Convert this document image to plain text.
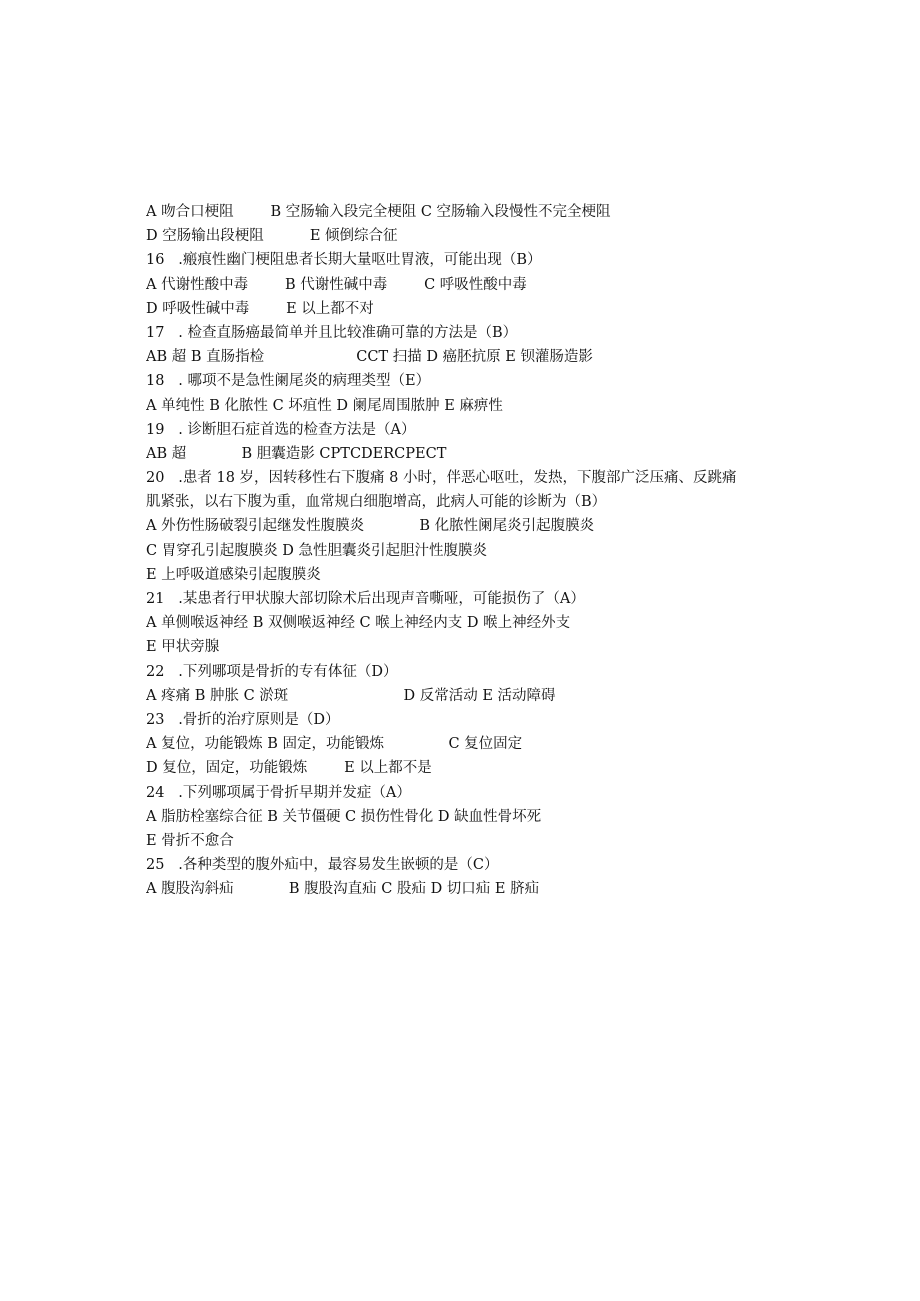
A 吻合口梗阻        B 空肠输入段完全梗阻 C 空肠输入段慢性不完全梗阻
D 空肠输出段梗阻          E 倾倒综合征
16   .瘢痕性幽门梗阻患者长期大量呕吐胃液，可能出现（B）
A 代谢性酸中毒        B 代谢性碱中毒        C 呼吸性酸中毒
D 呼吸性碱中毒        E 以上都不对
17   . 检查直肠癌最简单并且比较准确可靠的方法是（B）
AB 超 B 直肠指检                    CCT 扫描 D 癌胚抗原 E 钡灌肠造影
18   . 哪项不是急性阑尾炎的病理类型（E）
A 单纯性 B 化脓性 C 坏疽性 D 阑尾周围脓肿 E 麻痹性
19   . 诊断胆石症首选的检查方法是（A）
AB 超            B 胆囊造影 CPTCDERCPECT
20   .患者 18 岁，因转移性右下腹痛 8 小时，伴恶心呕吐，发热，下腹部广泛压痛、反跳痛
肌紧张，以右下腹为重，血常规白细胞增高，此病人可能的诊断为（B）
A 外伤性肠破裂引起继发性腹膜炎            B 化脓性阑尾炎引起腹膜炎
C 胃穿孔引起腹膜炎 D 急性胆囊炎引起胆汁性腹膜炎
E 上呼吸道感染引起腹膜炎
21   .某患者行甲状腺大部切除术后出现声音嘶哑，可能损伤了（A）
A 单侧喉返神经 B 双侧喉返神经 C 喉上神经内支 D 喉上神经外支
E 甲状旁腺
22   .下列哪项是骨折的专有体征（D）
A 疼痛 B 肿胀 C 淤斑                         D 反常活动 E 活动障碍
23   .骨折的治疗原则是（D）
A 复位，功能锻炼 B 固定，功能锻炼              C 复位固定
D 复位，固定，功能锻炼        E 以上都不是
24   .下列哪项属于骨折早期并发症（A）
A 脂肪栓塞综合征 B 关节僵硬 C 损伤性骨化 D 缺血性骨坏死
E 骨折不愈合
25   .各种类型的腹外疝中，最容易发生嵌顿的是（C）
A 腹股沟斜疝            B 腹股沟直疝 C 股疝 D 切口疝 E 脐疝
